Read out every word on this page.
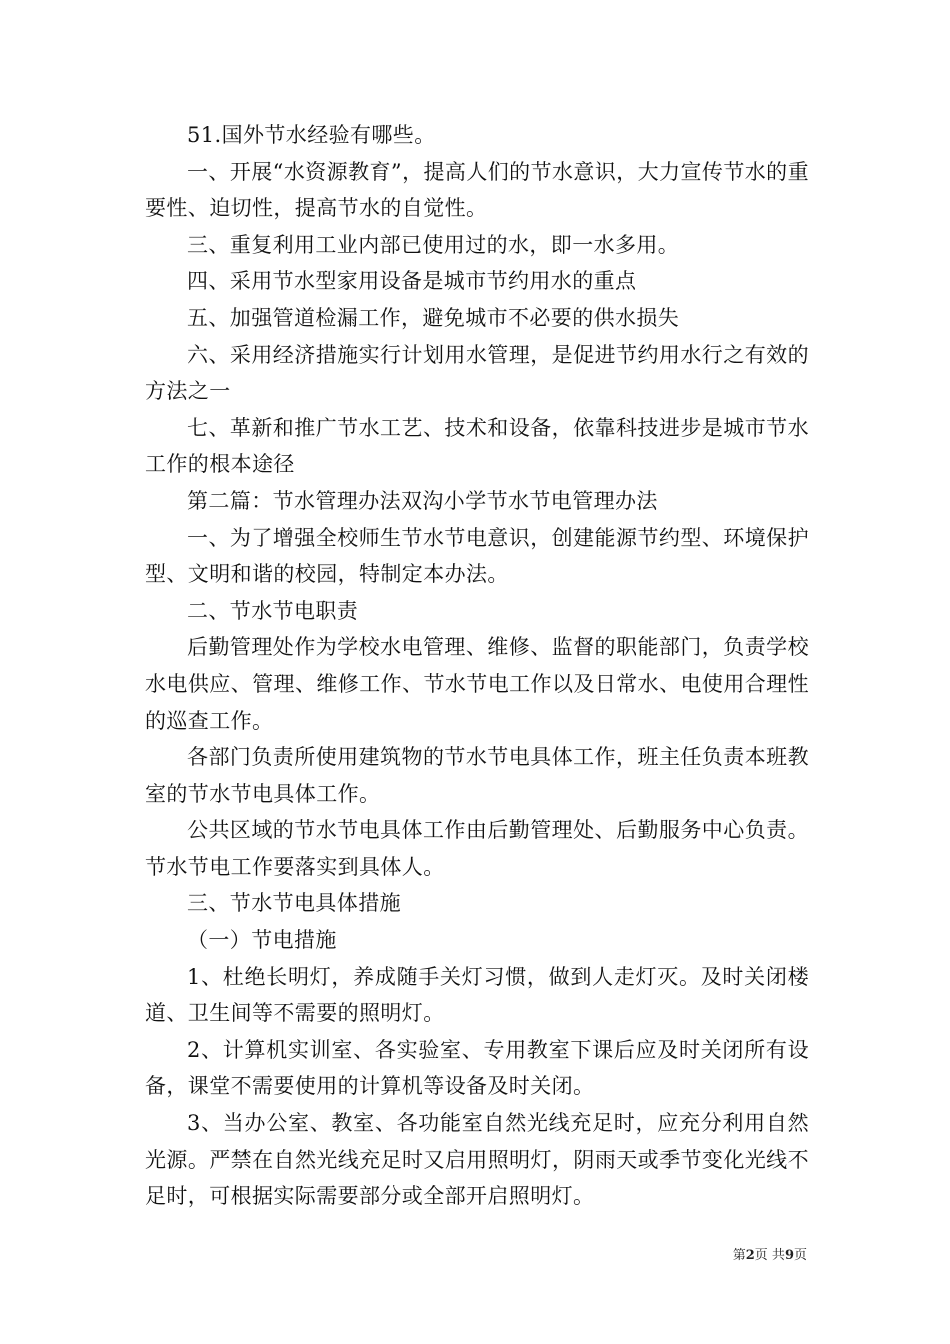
51.国外节水经验有哪些。

一、开展“水资源教育”，提高人们的节水意识，大力宣传节水的重要性、迫切性，提高节水的自觉性。

三、重复利用工业内部已使用过的水，即一水多用。

四、采用节水型家用设备是城市节约用水的重点

五、加强管道检漏工作，避免城市不必要的供水损失

六、采用经济措施实行计划用水管理，是促进节约用水行之有效的方法之一

七、革新和推广节水工艺、技术和设备，依靠科技进步是城市节水工作的根本途径

第二篇：节水管理办法双沟小学节水节电管理办法

一、为了增强全校师生节水节电意识，创建能源节约型、环境保护型、文明和谐的校园，特制定本办法。

二、节水节电职责

后勤管理处作为学校水电管理、维修、监督的职能部门，负责学校水电供应、管理、维修工作、节水节电工作以及日常水、电使用合理性的巡查工作。

各部门负责所使用建筑物的节水节电具体工作，班主任负责本班教室的节水节电具体工作。

公共区域的节水节电具体工作由后勤管理处、后勤服务中心负责。节水节电工作要落实到具体人。

三、节水节电具体措施

（一）节电措施

1、杜绝长明灯，养成随手关灯习惯，做到人走灯灭。及时关闭楼道、卫生间等不需要的照明灯。

2、计算机实训室、各实验室、专用教室下课后应及时关闭所有设备，课堂不需要使用的计算机等设备及时关闭。

3、当办公室、教室、各功能室自然光线充足时，应充分利用自然光源。严禁在自然光线充足时又启用照明灯，阴雨天或季节变化光线不足时，可根据实际需要部分或全部开启照明灯。

第2页 共9页
